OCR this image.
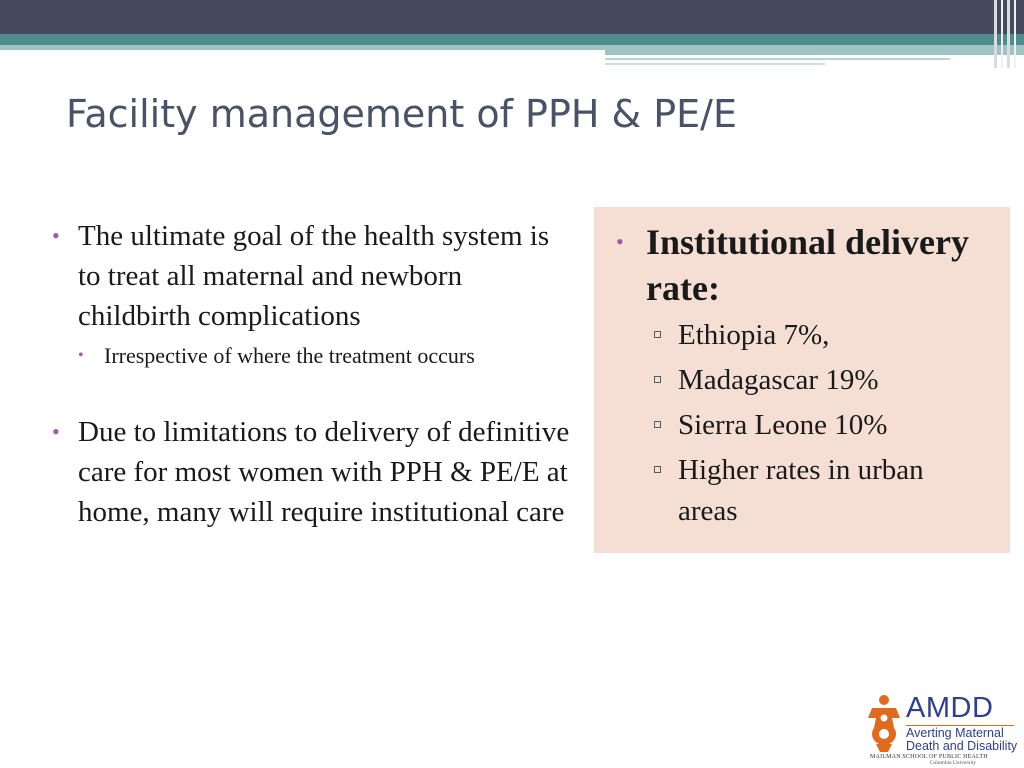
Facility management of PPH & PE/E
• The ultimate goal of the health system is to treat all maternal and newborn childbirth complications
• Irrespective of where the treatment occurs
• Due to limitations to delivery of definitive care for most women with PPH & PE/E at home, many will require institutional care
• Institutional delivery rate:
Ethiopia 7%,
Madagascar 19%
Sierra Leone 10%
Higher rates in urban areas
AMDD
Averting Maternal
Death and Disability
MAILMAN SCHOOL OF PUBLIC HEALTH
Columbia University
